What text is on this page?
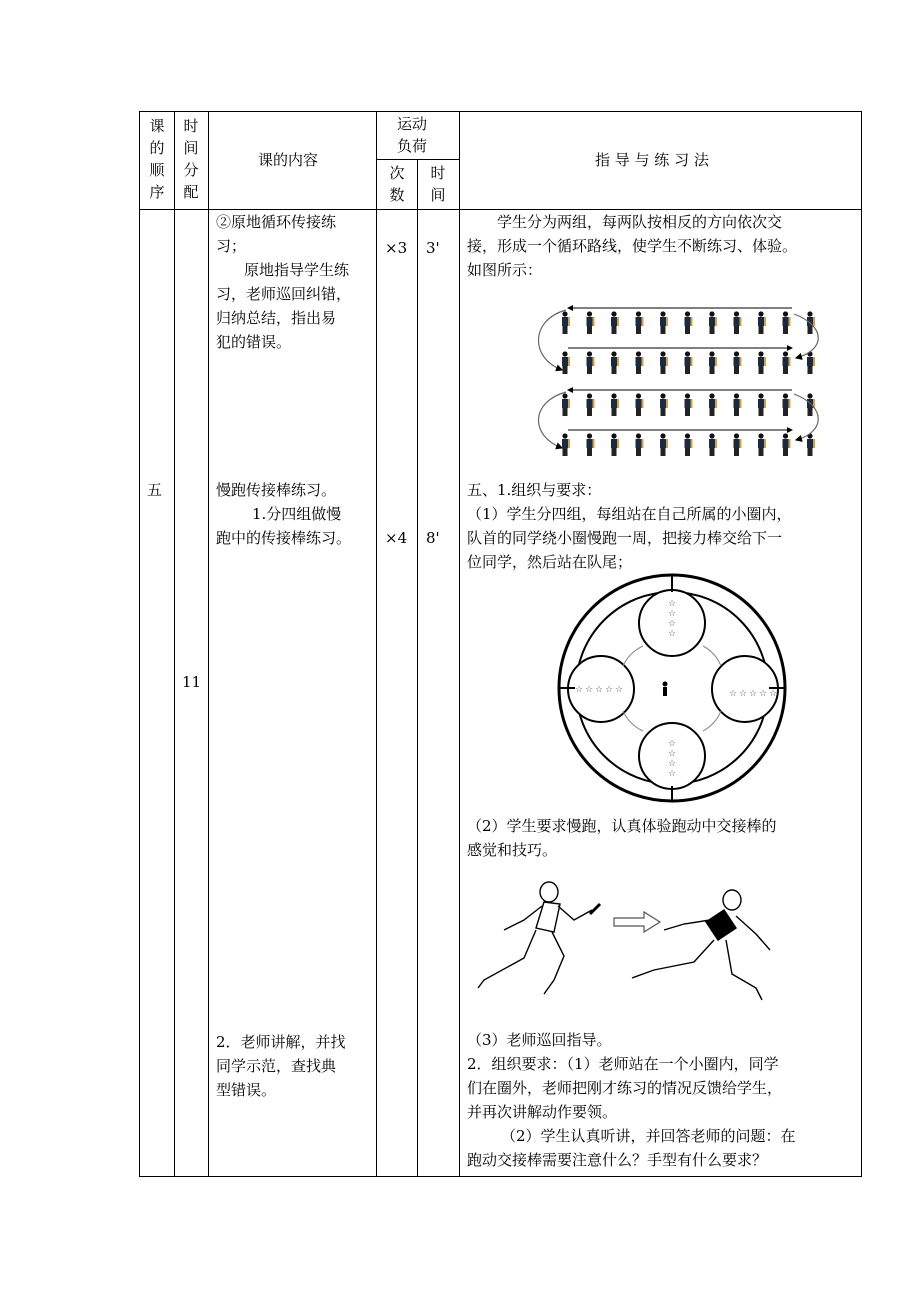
课
的
顺
序
时
间
分
配
课的内容
运动
负荷
次
数
时
间
指 导 与 练 习 法
五
11
②原地循环传接练
习；
原地指导学生练
习，老师巡回纠错，
归纳总结，指出易
犯的错误。
慢跑传接棒练习。
1.分四组做慢
跑中的传接棒练习。
2．老师讲解，并找
同学示范，查找典
型错误。
×3 3'
×4 8'
学生分为两组，每两队按相反的方向依次交
接，形成一个循环路线，使学生不断练习、体验。
如图所示：
五、1.组织与要求：
（1）学生分四组，每组站在自己所属的小圈内，
队首的同学绕小圈慢跑一周，把接力棒交给下一
位同学，然后站在队尾；
（2）学生要求慢跑，认真体验跑动中交接棒的
感觉和技巧。
（3）老师巡回指导。
2．组织要求：（1）老师站在一个小圈内，同学
们在圈外，老师把刚才练习的情况反馈给学生，
并再次讲解动作要领。
（2）学生认真听讲，并回答老师的问题：在
跑动交接棒需要注意什么？手型有什么要求？
☆
☆
☆
☆
☆
☆
☆
☆
☆ ☆ ☆ ☆ ☆	☆ ☆ ☆ ☆ ☆
